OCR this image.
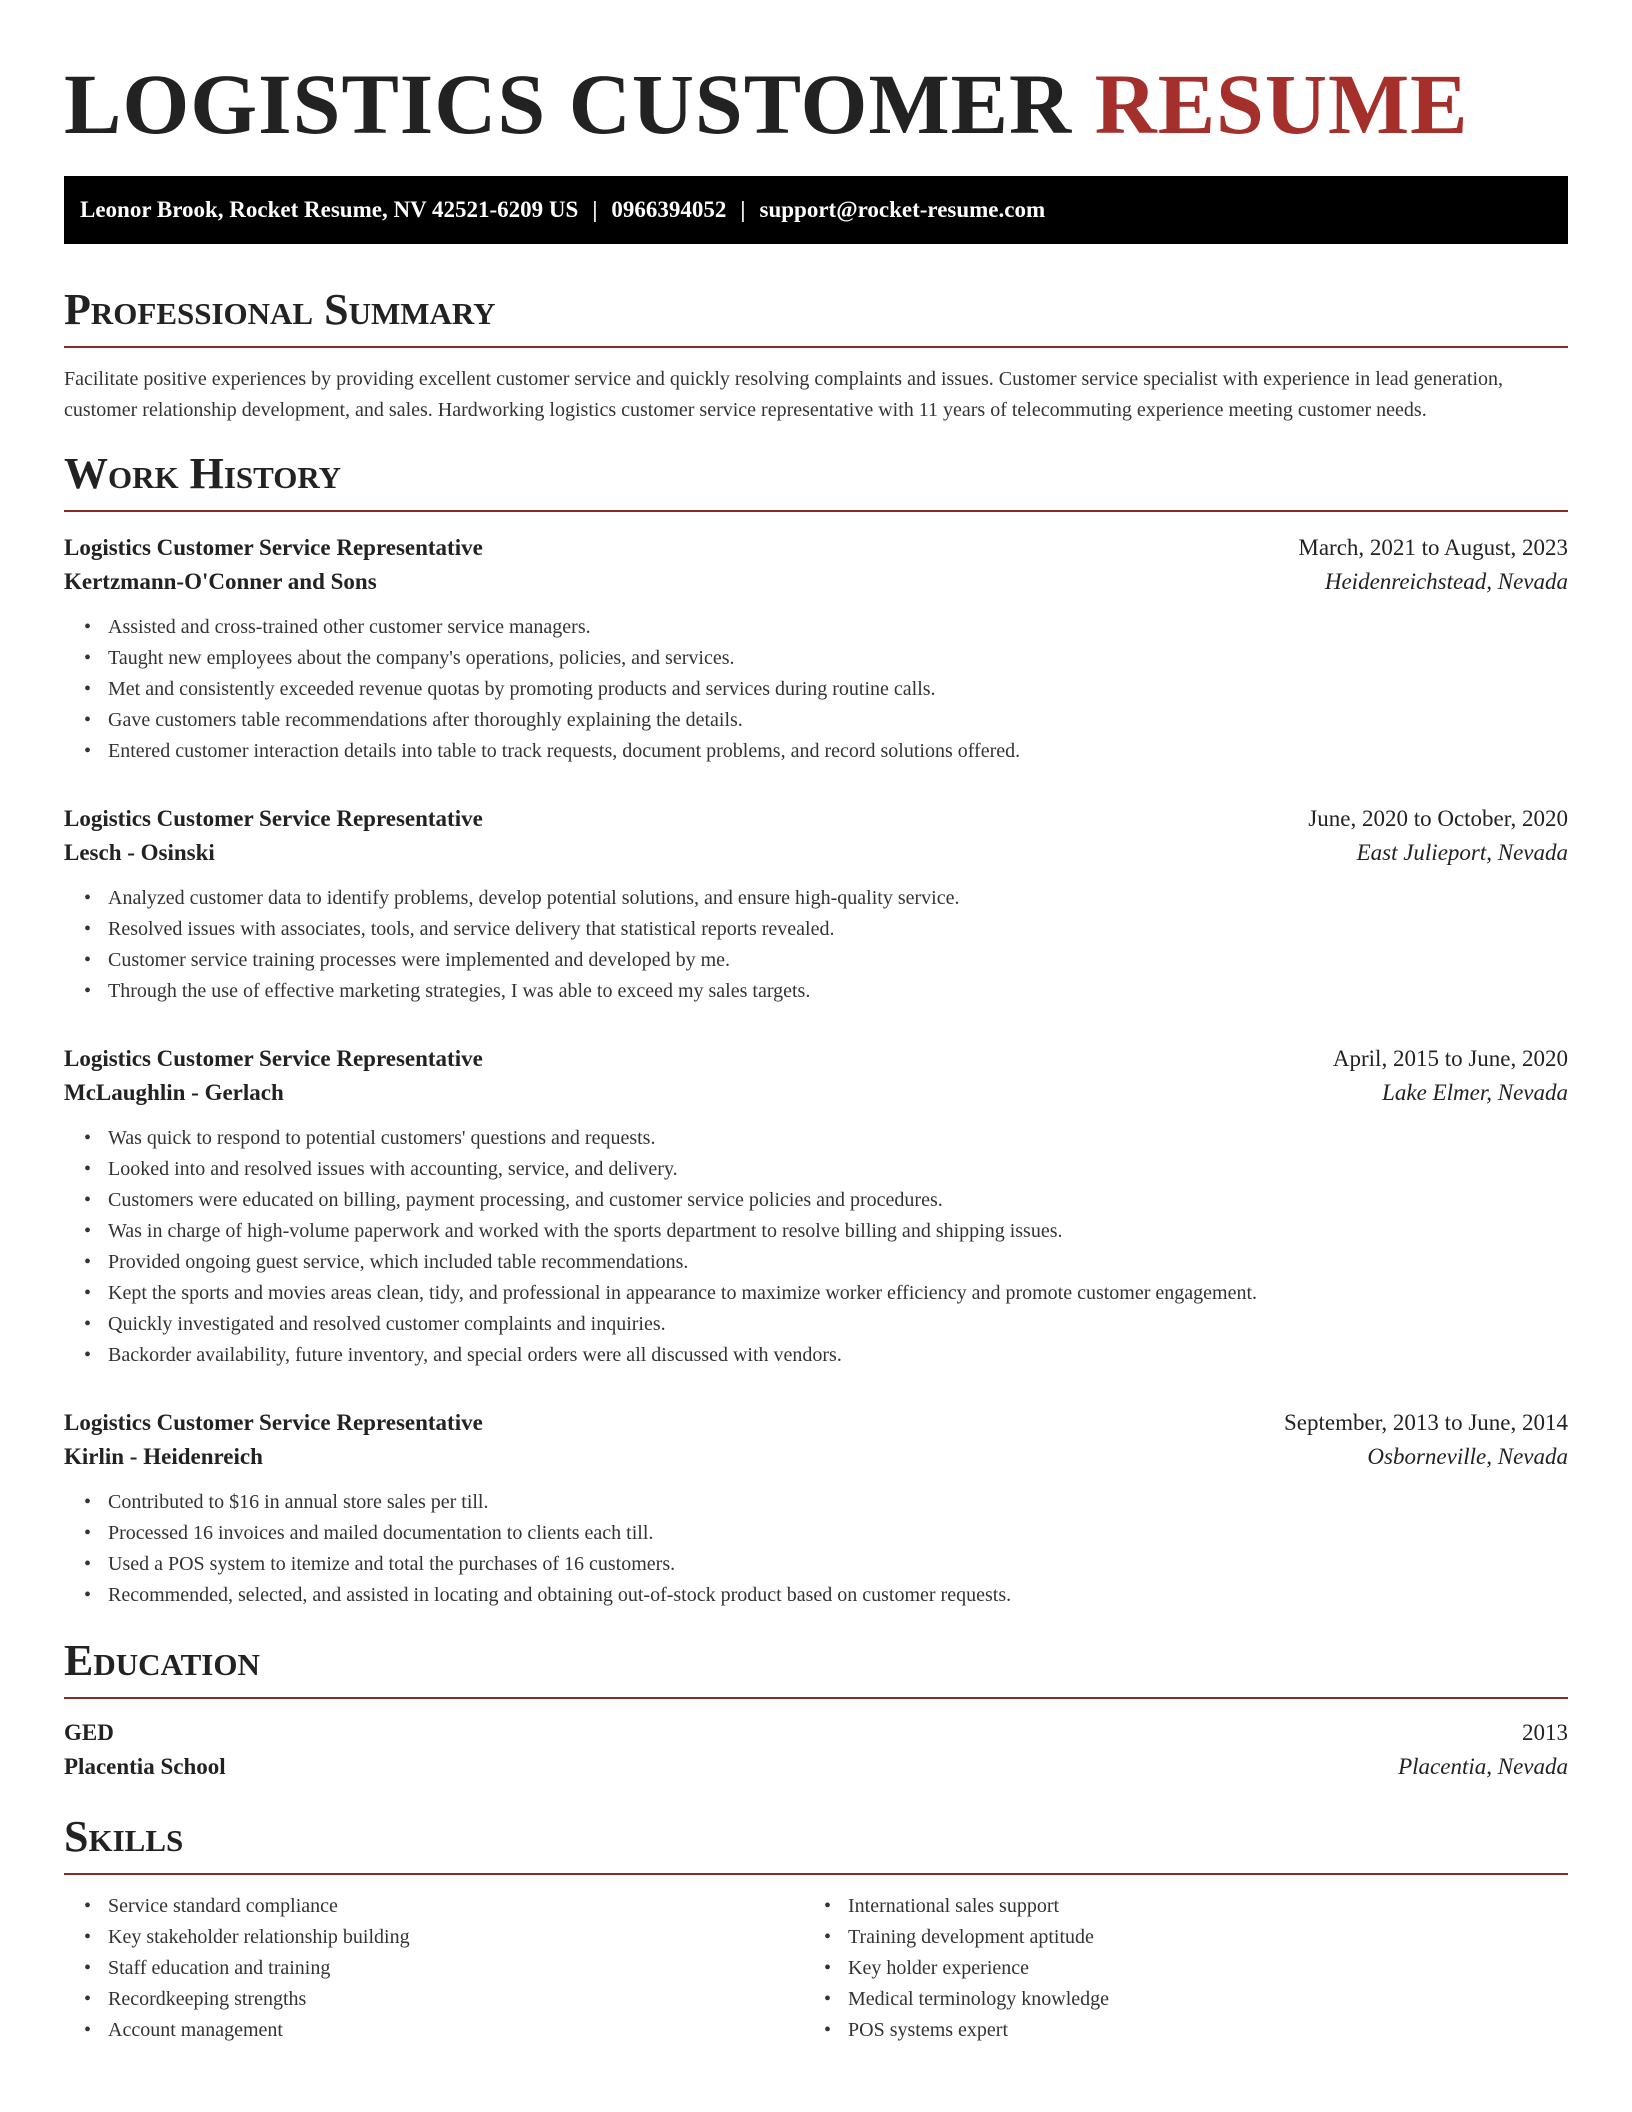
LOGISTICS CUSTOMER RESUME
Leonor Brook, Rocket Resume, NV 42521-6209 US | 0966394052 | support@rocket-resume.com
Professional Summary

Facilitate positive experiences by providing excellent customer service and quickly resolving complaints and issues. Customer service specialist with experience in lead generation, customer relationship development, and sales. Hardworking logistics customer service representative with 11 years of telecommuting experience meeting customer needs.

Work History
Logistics Customer Service Representative	March, 2021 to August, 2023
Kertzmann-O'Conner and Sons	Heidenreichstead, Nevada
• Assisted and cross-trained other customer service managers.
• Taught new employees about the company's operations, policies, and services.
• Met and consistently exceeded revenue quotas by promoting products and services during routine calls.
• Gave customers table recommendations after thoroughly explaining the details.
• Entered customer interaction details into table to track requests, document problems, and record solutions offered.
Logistics Customer Service Representative	June, 2020 to October, 2020
Lesch - Osinski	East Julieport, Nevada
• Analyzed customer data to identify problems, develop potential solutions, and ensure high-quality service.
• Resolved issues with associates, tools, and service delivery that statistical reports revealed.
• Customer service training processes were implemented and developed by me.
• Through the use of effective marketing strategies, I was able to exceed my sales targets.
Logistics Customer Service Representative	April, 2015 to June, 2020
McLaughlin - Gerlach	Lake Elmer, Nevada
• Was quick to respond to potential customers' questions and requests.
• Looked into and resolved issues with accounting, service, and delivery.
• Customers were educated on billing, payment processing, and customer service policies and procedures.
• Was in charge of high-volume paperwork and worked with the sports department to resolve billing and shipping issues.
• Provided ongoing guest service, which included table recommendations.
• Kept the sports and movies areas clean, tidy, and professional in appearance to maximize worker efficiency and promote customer engagement.
• Quickly investigated and resolved customer complaints and inquiries.
• Backorder availability, future inventory, and special orders were all discussed with vendors.
Logistics Customer Service Representative	September, 2013 to June, 2014
Kirlin - Heidenreich	Osborneville, Nevada
• Contributed to $16 in annual store sales per till.
• Processed 16 invoices and mailed documentation to clients each till.
• Used a POS system to itemize and total the purchases of 16 customers.
• Recommended, selected, and assisted in locating and obtaining out-of-stock product based on customer requests.
Education
GED	2013
Placentia School	Placentia, Nevada
Skills
• Service standard compliance
• Key stakeholder relationship building
• Staff education and training
• Recordkeeping strengths
• Account management
• International sales support
• Training development aptitude
• Key holder experience
• Medical terminology knowledge
• POS systems expert
